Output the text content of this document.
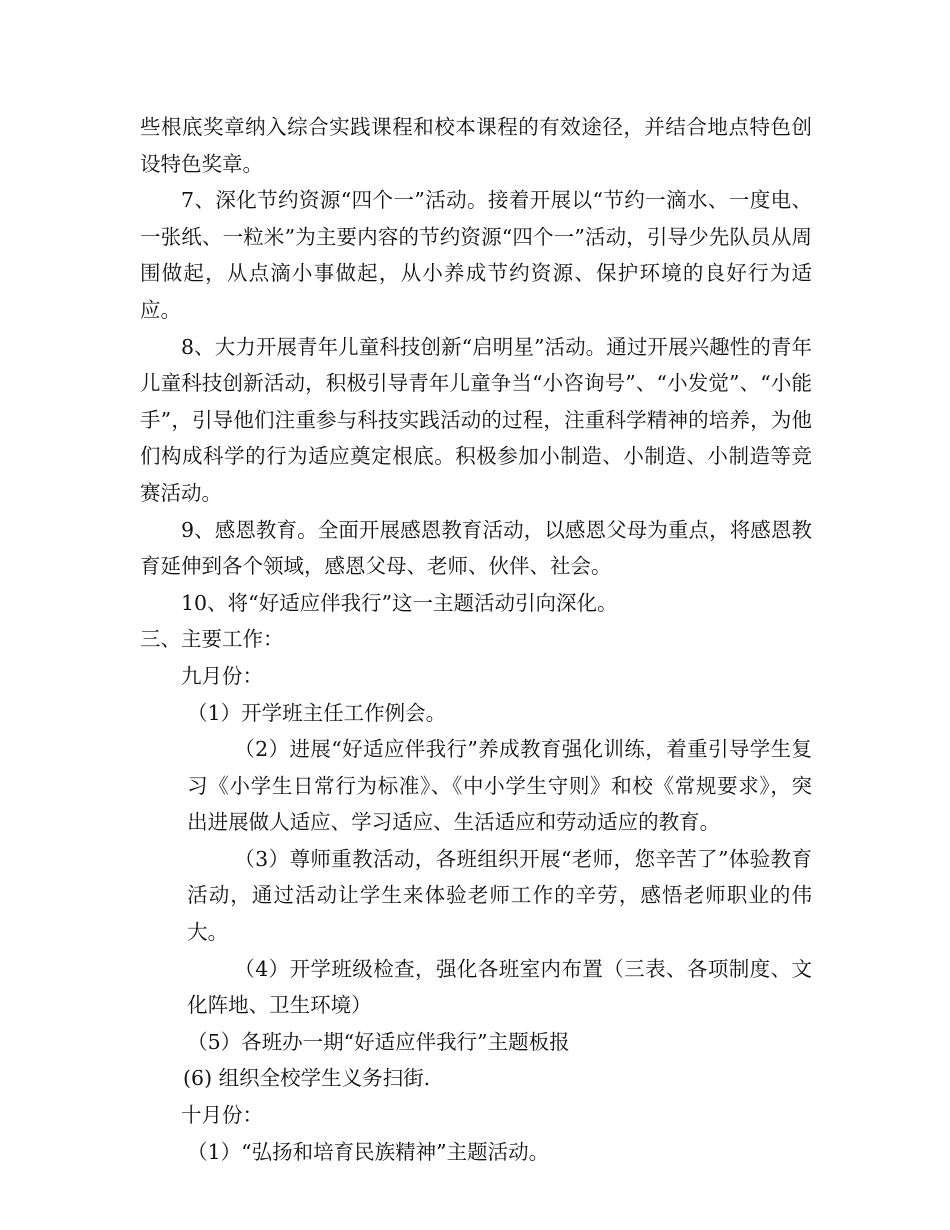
些根底奖章纳入综合实践课程和校本课程的有效途径，并结合地点特色创设特色奖章。

7、深化节约资源“四个一”活动。接着开展以“节约一滴水、一度电、一张纸、一粒米”为主要内容的节约资源“四个一”活动，引导少先队员从周围做起，从点滴小事做起，从小养成节约资源、保护环境的良好行为适应。

8、大力开展青年儿童科技创新“启明星”活动。通过开展兴趣性的青年儿童科技创新活动，积极引导青年儿童争当“小咨询号”、“小发觉”、“小能手”，引导他们注重参与科技实践活动的过程，注重科学精神的培养，为他们构成科学的行为适应奠定根底。积极参加小制造、小制造、小制造等竞赛活动。

9、感恩教育。全面开展感恩教育活动，以感恩父母为重点，将感恩教育延伸到各个领域，感恩父母、老师、伙伴、社会。

10、将“好适应伴我行”这一主题活动引向深化。

三、主要工作：

九月份：

（1）开学班主任工作例会。

（2）进展“好适应伴我行”养成教育强化训练，着重引导学生复习《小学生日常行为标准》、《中小学生守则》和校《常规要求》，突出进展做人适应、学习适应、生活适应和劳动适应的教育。

（3）尊师重教活动，各班组织开展“老师，您辛苦了”体验教育活动，通过活动让学生来体验老师工作的辛劳，感悟老师职业的伟大。

（4）开学班级检查，强化各班室内布置（三表、各项制度、文化阵地、卫生环境）

（5）各班办一期“好适应伴我行”主题板报

(6) 组织全校学生义务扫街.

十月份：

（1）“弘扬和培育民族精神”主题活动。
